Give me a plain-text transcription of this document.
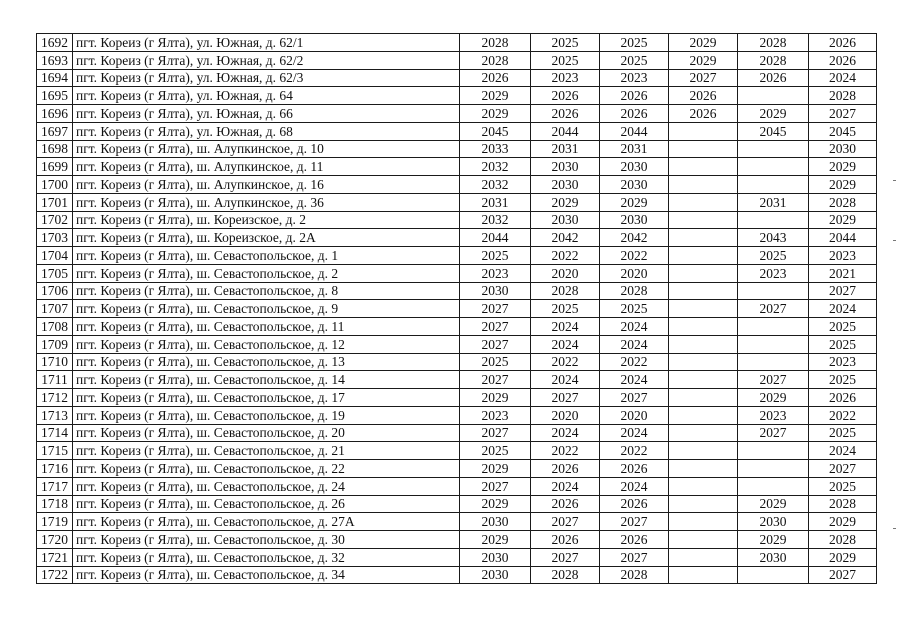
1692	пгт. Кореиз (г Ялта), ул. Южная, д. 62/1	2028	2025	2025	2029	2028	2026
1693	пгт. Кореиз (г Ялта), ул. Южная, д. 62/2	2028	2025	2025	2029	2028	2026
1694	пгт. Кореиз (г Ялта), ул. Южная, д. 62/3	2026	2023	2023	2027	2026	2024
1695	пгт. Кореиз (г Ялта), ул. Южная, д. 64	2029	2026	2026	2026		2028
1696	пгт. Кореиз (г Ялта), ул. Южная, д. 66	2029	2026	2026	2026	2029	2027
1697	пгт. Кореиз (г Ялта), ул. Южная, д. 68	2045	2044	2044		2045	2045
1698	пгт. Кореиз (г Ялта), ш. Алупкинское, д. 10	2033	2031	2031			2030
1699	пгт. Кореиз (г Ялта), ш. Алупкинское, д. 11	2032	2030	2030			2029
1700	пгт. Кореиз (г Ялта), ш. Алупкинское, д. 16	2032	2030	2030			2029
1701	пгт. Кореиз (г Ялта), ш. Алупкинское, д. 36	2031	2029	2029		2031	2028
1702	пгт. Кореиз (г Ялта), ш. Кореизское, д. 2	2032	2030	2030			2029
1703	пгт. Кореиз (г Ялта), ш. Кореизское, д. 2А	2044	2042	2042		2043	2044
1704	пгт. Кореиз (г Ялта), ш. Севастопольское, д. 1	2025	2022	2022		2025	2023
1705	пгт. Кореиз (г Ялта), ш. Севастопольское, д. 2	2023	2020	2020		2023	2021
1706	пгт. Кореиз (г Ялта), ш. Севастопольское, д. 8	2030	2028	2028			2027
1707	пгт. Кореиз (г Ялта), ш. Севастопольское, д. 9	2027	2025	2025		2027	2024
1708	пгт. Кореиз (г Ялта), ш. Севастопольское, д. 11	2027	2024	2024			2025
1709	пгт. Кореиз (г Ялта), ш. Севастопольское, д. 12	2027	2024	2024			2025
1710	пгт. Кореиз (г Ялта), ш. Севастопольское, д. 13	2025	2022	2022			2023
1711	пгт. Кореиз (г Ялта), ш. Севастопольское, д. 14	2027	2024	2024		2027	2025
1712	пгт. Кореиз (г Ялта), ш. Севастопольское, д. 17	2029	2027	2027		2029	2026
1713	пгт. Кореиз (г Ялта), ш. Севастопольское, д. 19	2023	2020	2020		2023	2022
1714	пгт. Кореиз (г Ялта), ш. Севастопольское, д. 20	2027	2024	2024		2027	2025
1715	пгт. Кореиз (г Ялта), ш. Севастопольское, д. 21	2025	2022	2022			2024
1716	пгт. Кореиз (г Ялта), ш. Севастопольское, д. 22	2029	2026	2026			2027
1717	пгт. Кореиз (г Ялта), ш. Севастопольское, д. 24	2027	2024	2024			2025
1718	пгт. Кореиз (г Ялта), ш. Севастопольское, д. 26	2029	2026	2026		2029	2028
1719	пгт. Кореиз (г Ялта), ш. Севастопольское, д. 27А	2030	2027	2027		2030	2029
1720	пгт. Кореиз (г Ялта), ш. Севастопольское, д. 30	2029	2026	2026		2029	2028
1721	пгт. Кореиз (г Ялта), ш. Севастопольское, д. 32	2030	2027	2027		2030	2029
1722	пгт. Кореиз (г Ялта), ш. Севастопольское, д. 34	2030	2028	2028			2027
